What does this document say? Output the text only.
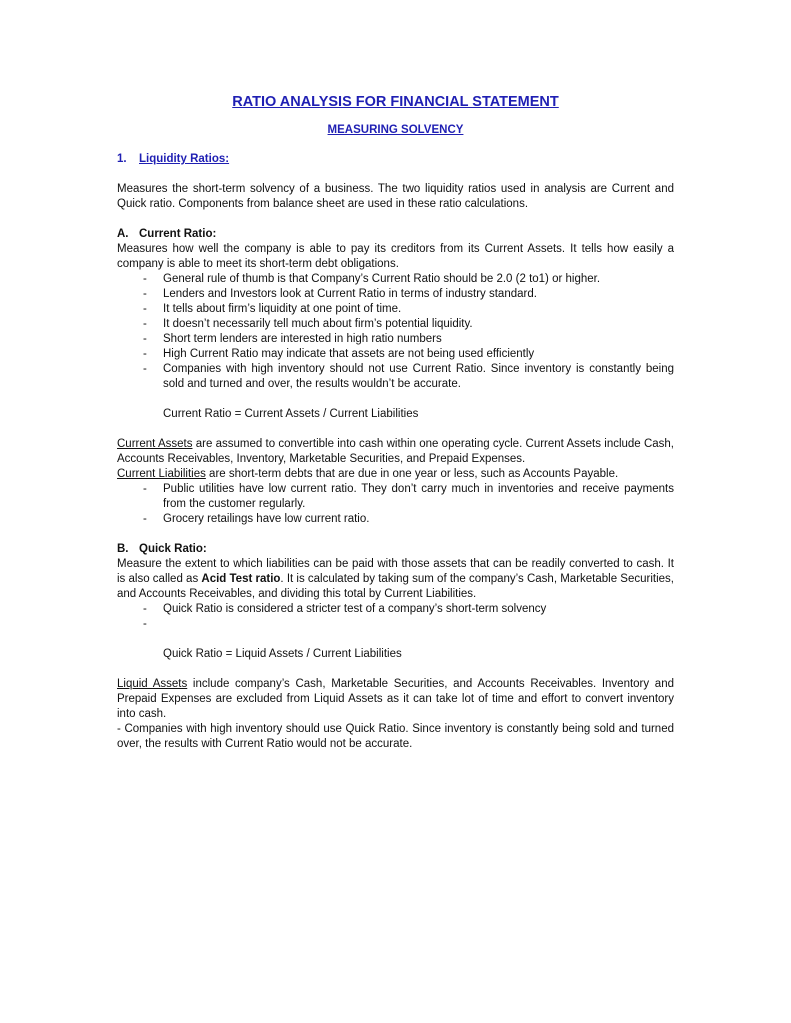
RATIO ANALYSIS FOR FINANCIAL STATEMENT
MEASURING SOLVENCY
1. Liquidity Ratios:

Measures the short-term solvency of a business. The two liquidity ratios used in analysis are Current and Quick ratio. Components from balance sheet are used in these ratio calculations.

A. Current Ratio:

Measures how well the company is able to pay its creditors from its Current Assets. It tells how easily a company is able to meet its short-term debt obligations.

- General rule of thumb is that Company’s Current Ratio should be 2.0 (2 to1) or higher.
- Lenders and Investors look at Current Ratio in terms of industry standard.
- It tells about firm’s liquidity at one point of time.
- It doesn’t necessarily tell much about firm’s potential liquidity.
- Short term lenders are interested in high ratio numbers
- High Current Ratio may indicate that assets are not being used efficiently
- Companies with high inventory should not use Current Ratio. Since inventory is constantly being sold and turned and over, the results wouldn’t be accurate.
Current Ratio = Current Assets / Current Liabilities

Current Assets are assumed to convertible into cash within one operating cycle. Current Assets include Cash, Accounts Receivables, Inventory, Marketable Securities, and Prepaid Expenses.

Current Liabilities are short-term debts that are due in one year or less, such as Accounts Payable.

- Public utilities have low current ratio. They don’t carry much in inventories and receive payments from the customer regularly.
- Grocery retailings have low current ratio.
B. Quick Ratio:

Measure the extent to which liabilities can be paid with those assets that can be readily converted to cash. It is also called as Acid Test ratio. It is calculated by taking sum of the company’s Cash, Marketable Securities, and Accounts Receivables, and dividing this total by Current Liabilities.

- Quick Ratio is considered a stricter test of a company’s short-term solvency
-

Quick Ratio = Liquid Assets / Current Liabilities

Liquid Assets include company’s Cash, Marketable Securities, and Accounts Receivables. Inventory and Prepaid Expenses are excluded from Liquid Assets as it can take lot of time and effort to convert inventory into cash.

- Companies with high inventory should use Quick Ratio. Since inventory is constantly being sold and turned over, the results with Current Ratio would not be accurate.
